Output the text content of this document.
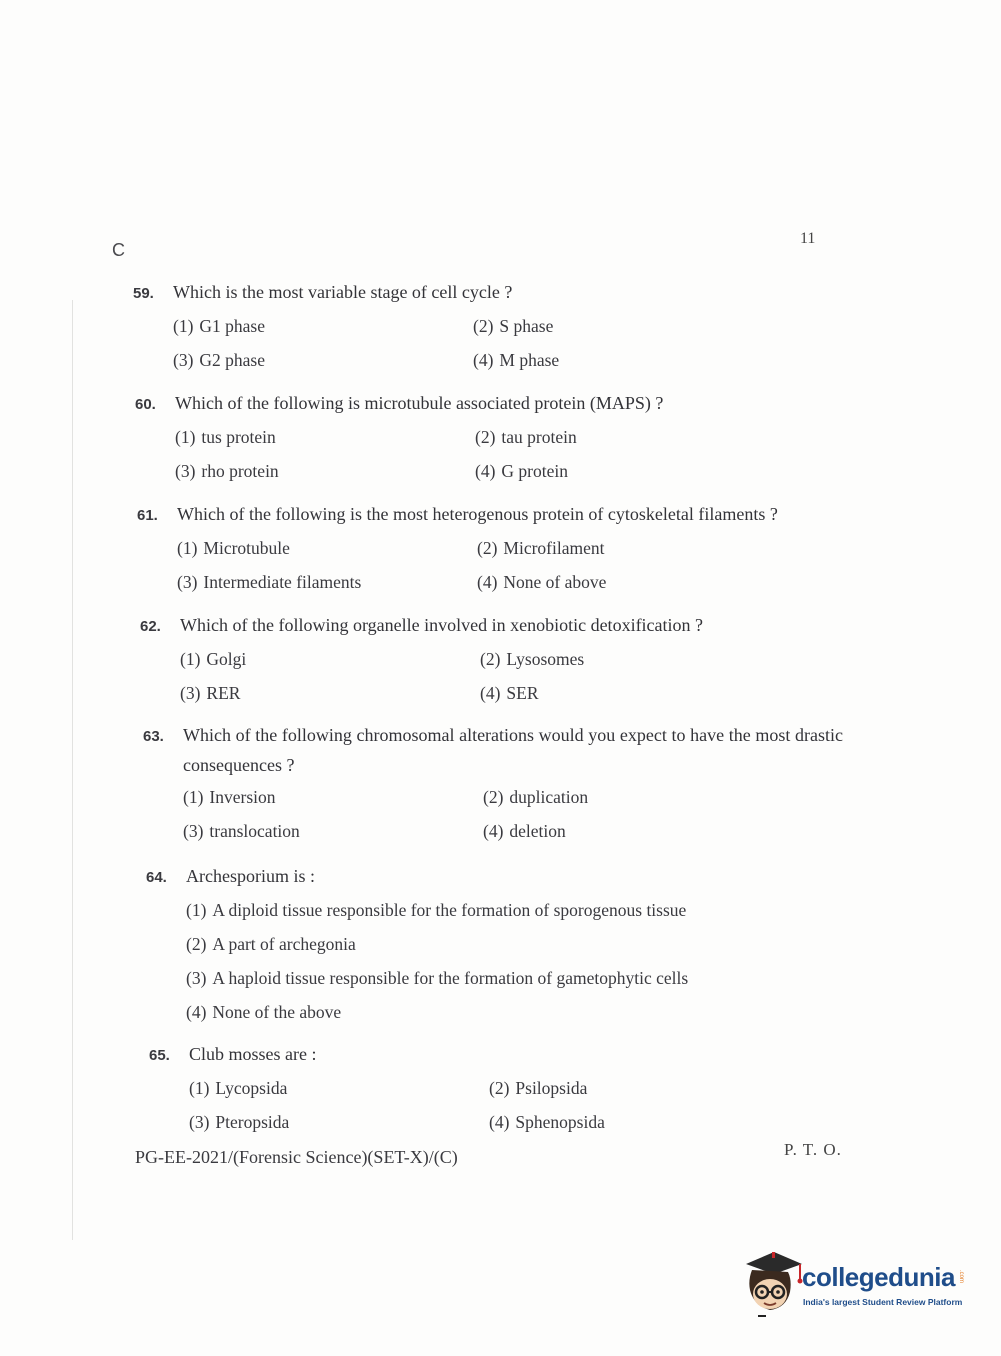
C
11
59.	Which is the most variable stage of cell cycle ?
(1) G1 phase	(2) S phase
(3) G2 phase	(4) M phase
60.	Which of the following is microtubule associated protein (MAPS) ?
(1) tus protein	(2) tau protein
(3) rho protein	(4) G protein
61.	Which of the following is the most heterogenous protein of cytoskeletal filaments ?
(1) Microtubule	(2) Microfilament
(3) Intermediate filaments	(4) None of above
62.	Which of the following organelle involved in xenobiotic detoxification ?
(1) Golgi	(2) Lysosomes
(3) RER	(4) SER
63.	Which of the following chromosomal alterations would you expect to have the most drastic consequences ?
(1) Inversion	(2) duplication
(3) translocation	(4) deletion
64.	Archesporium is :
(1) A diploid tissue responsible for the formation of sporogenous tissue
(2) A part of archegonia
(3) A haploid tissue responsible for the formation of gametophytic cells
(4) None of the above
65.	Club mosses are :
(1) Lycopsida	(2) Psilopsida
(3) Pteropsida	(4) Sphenopsida
PG-EE-2021/(Forensic Science)(SET-X)/(C)	P. T. O.
collegedunia .com
India's largest Student Review Platform
